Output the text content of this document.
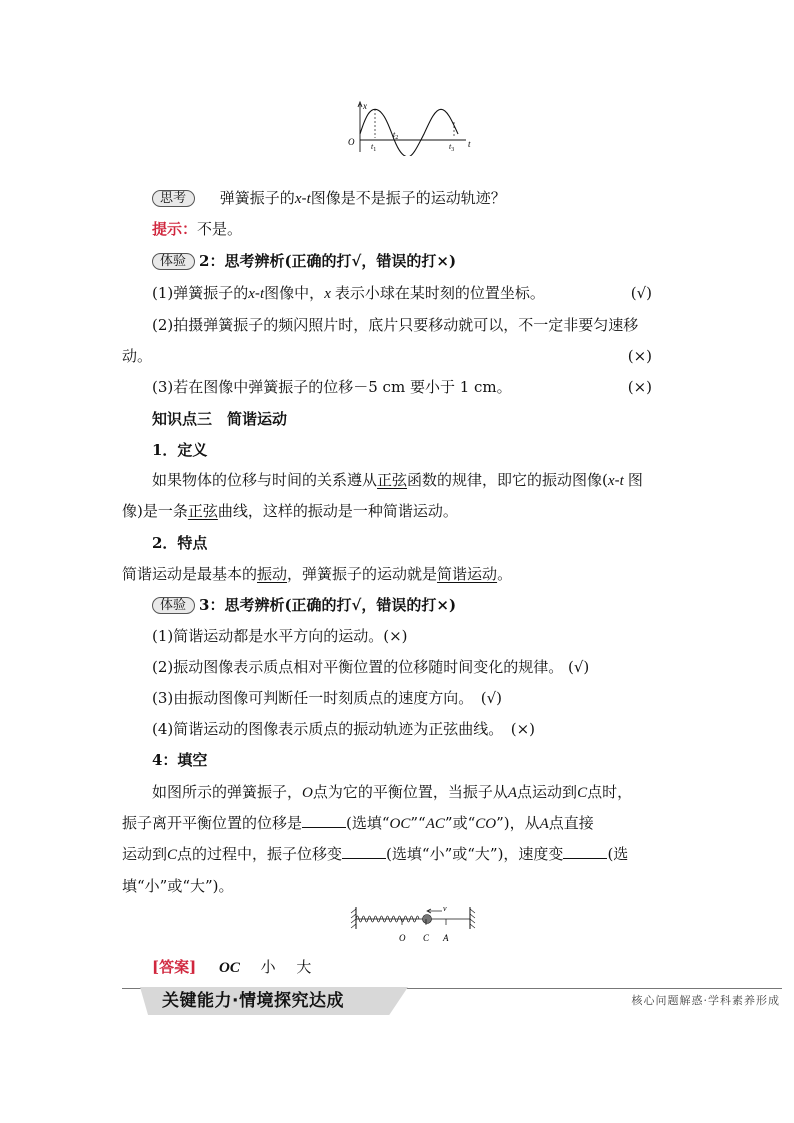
x
O	t
$t_1$
$t_2$
$t_3$
思考 弹簧振子的x-t图像是不是振子的运动轨迹？
提示：不是。
体验 2：思考辨析(正确的打√，错误的打×)
(1)弹簧振子的x-t图像中，x 表示小球在某时刻的位置坐标。	(√)
(2)拍摄弹簧振子的频闪照片时，底片只要移动就可以，不一定非要匀速移
动。	(×)
(3)若在图像中弹簧振子的位移－5 cm 要小于 1 cm。	(×)
知识点三　简谐运动
1．定义
如果物体的位移与时间的关系遵从正弦函数的规律，即它的振动图像(x-t 图
像)是一条正弦曲线，这样的振动是一种简谐运动。
2．特点
简谐运动是最基本的振动，弹簧振子的运动就是简谐运动。
体验 3：思考辨析(正确的打√，错误的打×)
(1)简谐运动都是水平方向的运动。(×)
(2)振动图像表示质点相对平衡位置的位移随时间变化的规律。 (√)
(3)由振动图像可判断任一时刻质点的速度方向。　(√)
(4)简谐运动的图像表示质点的振动轨迹为正弦曲线。　(×)
4：填空
如图所示的弹簧振子，O点为它的平衡位置，当振子从A点运动到C点时，
振子离开平衡位置的位移是	(选填“OC”“AC”或“CO”)，从A点直接
运动到C点的过程中，振子位移变	(选填“小”或“大”)，速度变	(选
填“小”或“大”)。
v
O C A
[答案] OC 小 大
关键能力·情境探究达成	核心问题解惑·学科素养形成
